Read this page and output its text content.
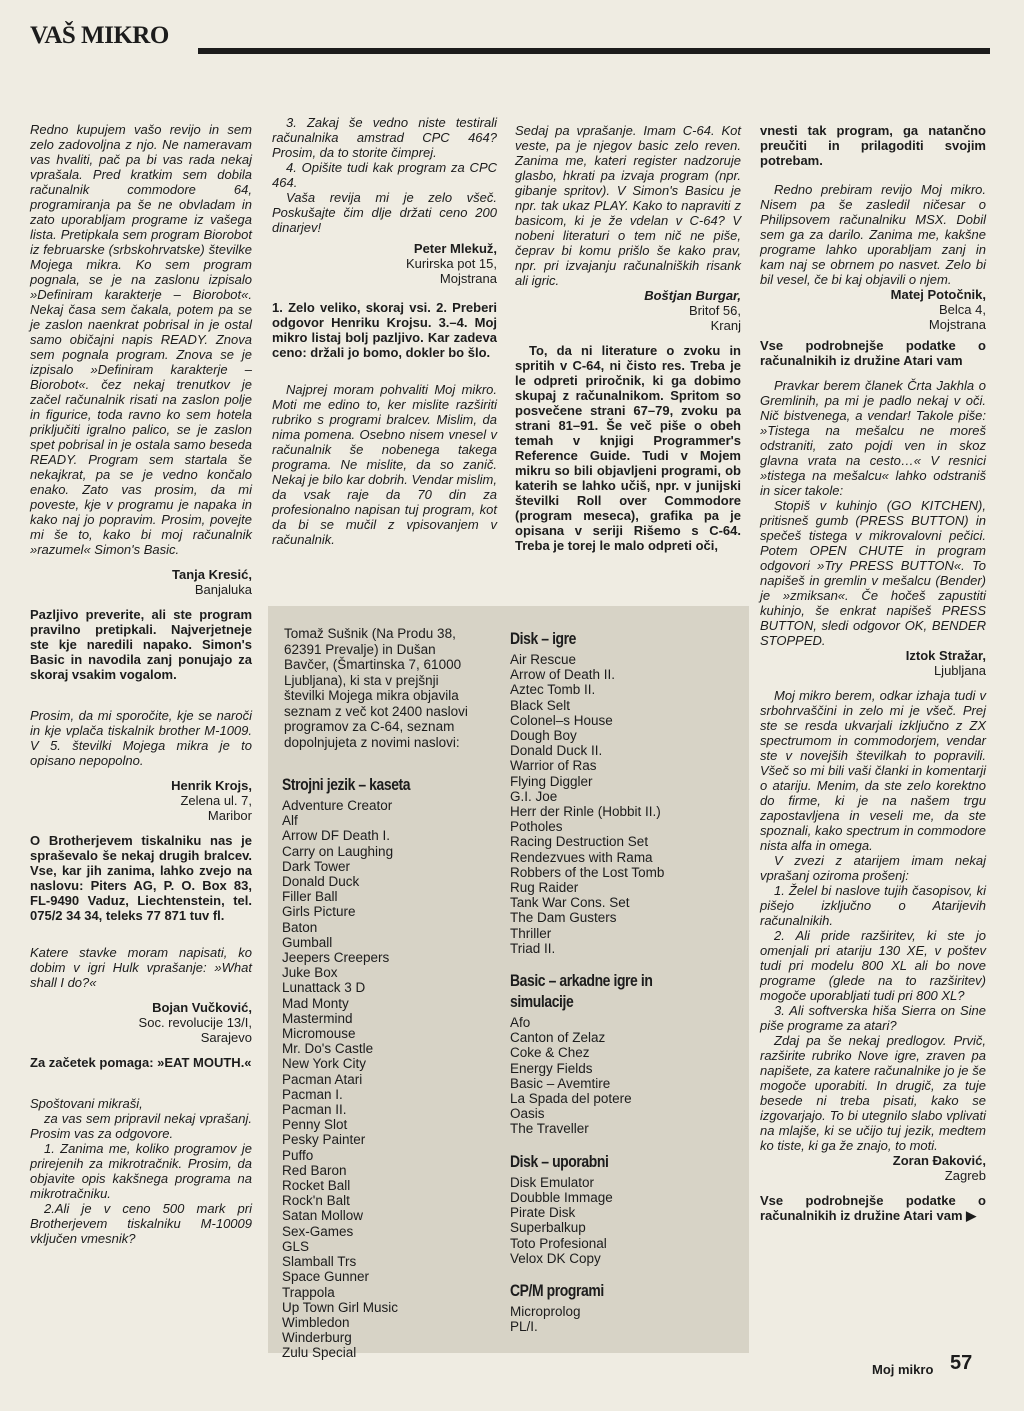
VAŠ MIKRO

Redno kupujem vašo revijo in sem zelo zadovoljna z njo. Ne nameravam vas hvaliti, pač pa bi vas rada nekaj vprašala. Pred kratkim sem dobila računalnik commodore 64, programiranja pa še ne obvladam in zato uporabljam programe iz vašega lista. Pretipkala sem program Biorobot iz februarske (srbskohrvatske) številke Mojega mikra. Ko sem program pognala, se je na zaslonu izpisalo »Definiram karakterje – Biorobot«. Nekaj časa sem čakala, potem pa se je zaslon naenkrat pobrisal in je ostal samo običajni napis READY. Znova sem pognala program. Znova se je izpisalo »Definiram karakterje – Biorobot«. čez nekaj trenutkov je začel računalnik risati na zaslon polje in figurice, toda ravno ko sem hotela priključiti igralno palico, se je zaslon spet pobrisal in je ostala samo beseda READY. Program sem startala še nekajkrat, pa se je vedno končalo enako. Zato vas prosim, da mi poveste, kje v programu je napaka in kako naj jo popravim. Prosim, povejte mi še to, kako bi moj računalnik »razumel« Simon's Basic.

Tanja Kresić,
Banjaluka

Pazljivo preverite, ali ste program pravilno pretipkali. Najverjetneje ste kje naredili napako. Simon's Basic in navodila zanj ponujajo za skoraj vsakim vogalom.

Prosim, da mi sporočite, kje se naroči in kje vplača tiskalnik brother M-1009. V 5. številki Mojega mikra je to opisano nepopolno.

Henrik Krojs,
Zelena ul. 7,
Maribor

O Brotherjevem tiskalniku nas je spraševalo še nekaj drugih bralcev. Vse, kar jih zanima, lahko zvejo na naslovu: Piters AG, P. O. Box 83, FL-9490 Vaduz, Liechtenstein, tel. 075/2 34 34, teleks 77 871 tuv fl.

Katere stavke moram napisati, ko dobim v igri Hulk vprašanje: »What shall I do?«

Bojan Vučković,
Soc. revolucije 13/I,
Sarajevo

Za začetek pomaga: »EAT MOUTH.«

Spoštovani mikraši,

za vas sem pripravil nekaj vprašanj. Prosim vas za odgovore.

1. Zanima me, koliko programov je prirejenih za mikrotračnik. Prosim, da objavite opis kakšnega programa na mikrotračniku.

2.Ali je v ceno 500 mark pri Brotherjevem tiskalniku M-10009 vključen vmesnik?

3. Zakaj še vedno niste testirali računalnika amstrad CPC 464? Prosim, da to storite čimprej.

4. Opišite tudi kak program za CPC 464.

Vaša revija mi je zelo všeč. Poskušajte čim dlje držati ceno 200 dinarjev!

Peter Mlekuž,
Kurirska pot 15,
Mojstrana

1. Zelo veliko, skoraj vsi. 2. Preberi odgovor Henriku Krojsu. 3.–4. Moj mikro listaj bolj pazljivo. Kar zadeva ceno: držali jo bomo, dokler bo šlo.

Najprej moram pohvaliti Moj mikro. Moti me edino to, ker mislite razširiti rubriko s programi bralcev. Mislim, da nima pomena. Osebno nisem vnesel v računalnik še nobenega takega programa. Ne mislite, da so zanič. Nekaj je bilo kar dobrih. Vendar mislim, da vsak raje da 70 din za profesionalno napisan tuj program, kot da bi se mučil z vpisovanjem v računalnik.

Sedaj pa vprašanje. Imam C-64. Kot veste, pa je njegov basic zelo reven. Zanima me, kateri register nadzoruje glasbo, hkrati pa izvaja program (npr. gibanje spritov). V Simon's Basicu je npr. tak ukaz PLAY. Kako to napraviti z basicom, ki je že vdelan v C-64? V nobeni literaturi o tem nič ne piše, čeprav bi komu prišlo še kako prav, npr. pri izvajanju računalniških risank ali igric.

Boštjan Burgar,
Britof 56,
Kranj

To, da ni literature o zvoku in spritih v C-64, ni čisto res. Treba je le odpreti priročnik, ki ga dobimo skupaj z računalnikom. Spritom so posvečene strani 67–79, zvoku pa strani 81–91. Še več piše o obeh temah v knjigi Programmer's Reference Guide. Tudi v Mojem mikru so bili objavljeni programi, ob katerih se lahko učiš, npr. v junijski številki Roll over Commodore (program meseca), grafika pa je opisana v seriji Rišemo s C-64. Treba je torej le malo odpreti oči,

vnesti tak program, ga natančno preučiti in prilagoditi svojim potrebam.

Redno prebiram revijo Moj mikro. Nisem pa še zasledil ničesar o Philipsovem računalniku MSX. Dobil sem ga za darilo. Zanima me, kakšne programe lahko uporabljam zanj in kam naj se obrnem po nasvet. Zelo bi bil vesel, če bi kaj objavili o njem.

Matej Potočnik,
Belca 4,
Mojstrana

Vse podrobnejše podatke o računalnikih iz družine Atari vam

Pravkar berem članek Črta Jakhla o Gremlinih, pa mi je padlo nekaj v oči. Nič bistvenega, a vendar! Takole piše: »Tistega na mešalcu ne moreš odstraniti, zato pojdi ven in skoz glavna vrata na cesto…« V resnici »tistega na mešalcu« lahko odstraniš in sicer takole:

Stopiš v kuhinjo (GO KITCHEN), pritisneš gumb (PRESS BUTTON) in spečeš tistega v mikrovalovni pečici. Potem OPEN CHUTE in program odgovori »Try PRESS BUTTON«. To napišeš in gremlin v mešalcu (Bender) je »zmiksan«. Če hočeš zapustiti kuhinjo, še enkrat napišeš PRESS BUTTON, sledi odgovor OK, BENDER STOPPED.

Iztok Stražar,
Ljubljana

Moj mikro berem, odkar izhaja tudi v srbohrvaščini in zelo mi je všeč. Prej ste se resda ukvarjali izključno z ZX spectrumom in commodorjem, vendar ste v novejših številkah to popravili. Všeč so mi bili vaši članki in komentarji o atariju. Menim, da ste zelo korektno do firme, ki je na našem trgu zapostavljena in veseli me, da ste spoznali, kako spectrum in commodore nista alfa in omega.

V zvezi z atarijem imam nekaj vprašanj oziroma prošenj:

1. Želel bi naslove tujih časopisov, ki pišejo izključno o Atarijevih računalnikih.

2. Ali pride razširitev, ki ste jo omenjali pri atariju 130 XE, v poštev tudi pri modelu 800 XL ali bo nove programe (glede na to razširitev) mogoče uporabljati tudi pri 800 XL?

3. Ali softverska hiša Sierra on Sine piše programe za atari?

Zdaj pa še nekaj predlogov. Prvič, razširite rubriko Nove igre, zraven pa napišete, za katere računalnike jo je še mogoče uporabiti. In drugič, za tuje besede ni treba pisati, kako se izgovarjajo. To bi utegnilo slabo vplivati na mlajše, ki se učijo tuj jezik, medtem ko tiste, ki ga že znajo, to moti.

Zoran Đaković,
Zagreb

Vse podrobnejše podatke o računalnikih iz družine Atari vam ▶

Tomaž Sušnik (Na Produ 38, 62391 Prevalje) in Dušan Bavčer, (Šmartinska 7, 61000 Ljubljana), ki sta v prejšnji številki Mojega mikra objavila seznam z več kot 2400 naslovi programov za C-64, seznam dopolnjujeta z novimi naslovi:
Strojni jezik – kaseta
Adventure Creator
Alf
Arrow DF Death I.
Carry on Laughing
Dark Tower
Donald Duck
Filler Ball
Girls Picture
Baton
Gumball
Jeepers Creepers
Juke Box
Lunattack 3 D
Mad Monty
Mastermind
Micromouse
Mr. Do's Castle
New York City
Pacman Atari
Pacman I.
Pacman II.
Penny Slot
Pesky Painter
Puffo
Red Baron
Rocket Ball
Rock'n Balt
Satan Mollow
Sex-Games
GLS
Slamball Trs
Space Gunner
Trappola
Up Town Girl Music
Wimbledon
Winderburg
Zulu Special
Disk – igre
Air Rescue
Arrow of Death II.
Aztec Tomb II.
Black Selt
Colonel–s House
Dough Boy
Donald Duck II.
Warrior of Ras
Flying Diggler
G.I. Joe
Herr der Rinle (Hobbit II.)
Potholes
Racing Destruction Set
Rendezvues with Rama
Robbers of the Lost Tomb
Rug Raider
Tank War Cons. Set
The Dam Gusters
Thriller
Triad II.
Basic – arkadne igre in simulacije
Afo
Canton of Zelaz
Coke & Chez
Energy Fields
Basic – Avemtire
La Spada del potere
Oasis
The Traveller
Disk – uporabni
Disk Emulator
Doubble Immage
Pirate Disk
Superbalkup
Toto Profesional
Velox DK Copy
CP/M programi
Microprolog
PL/I.
Moj mikro 57
